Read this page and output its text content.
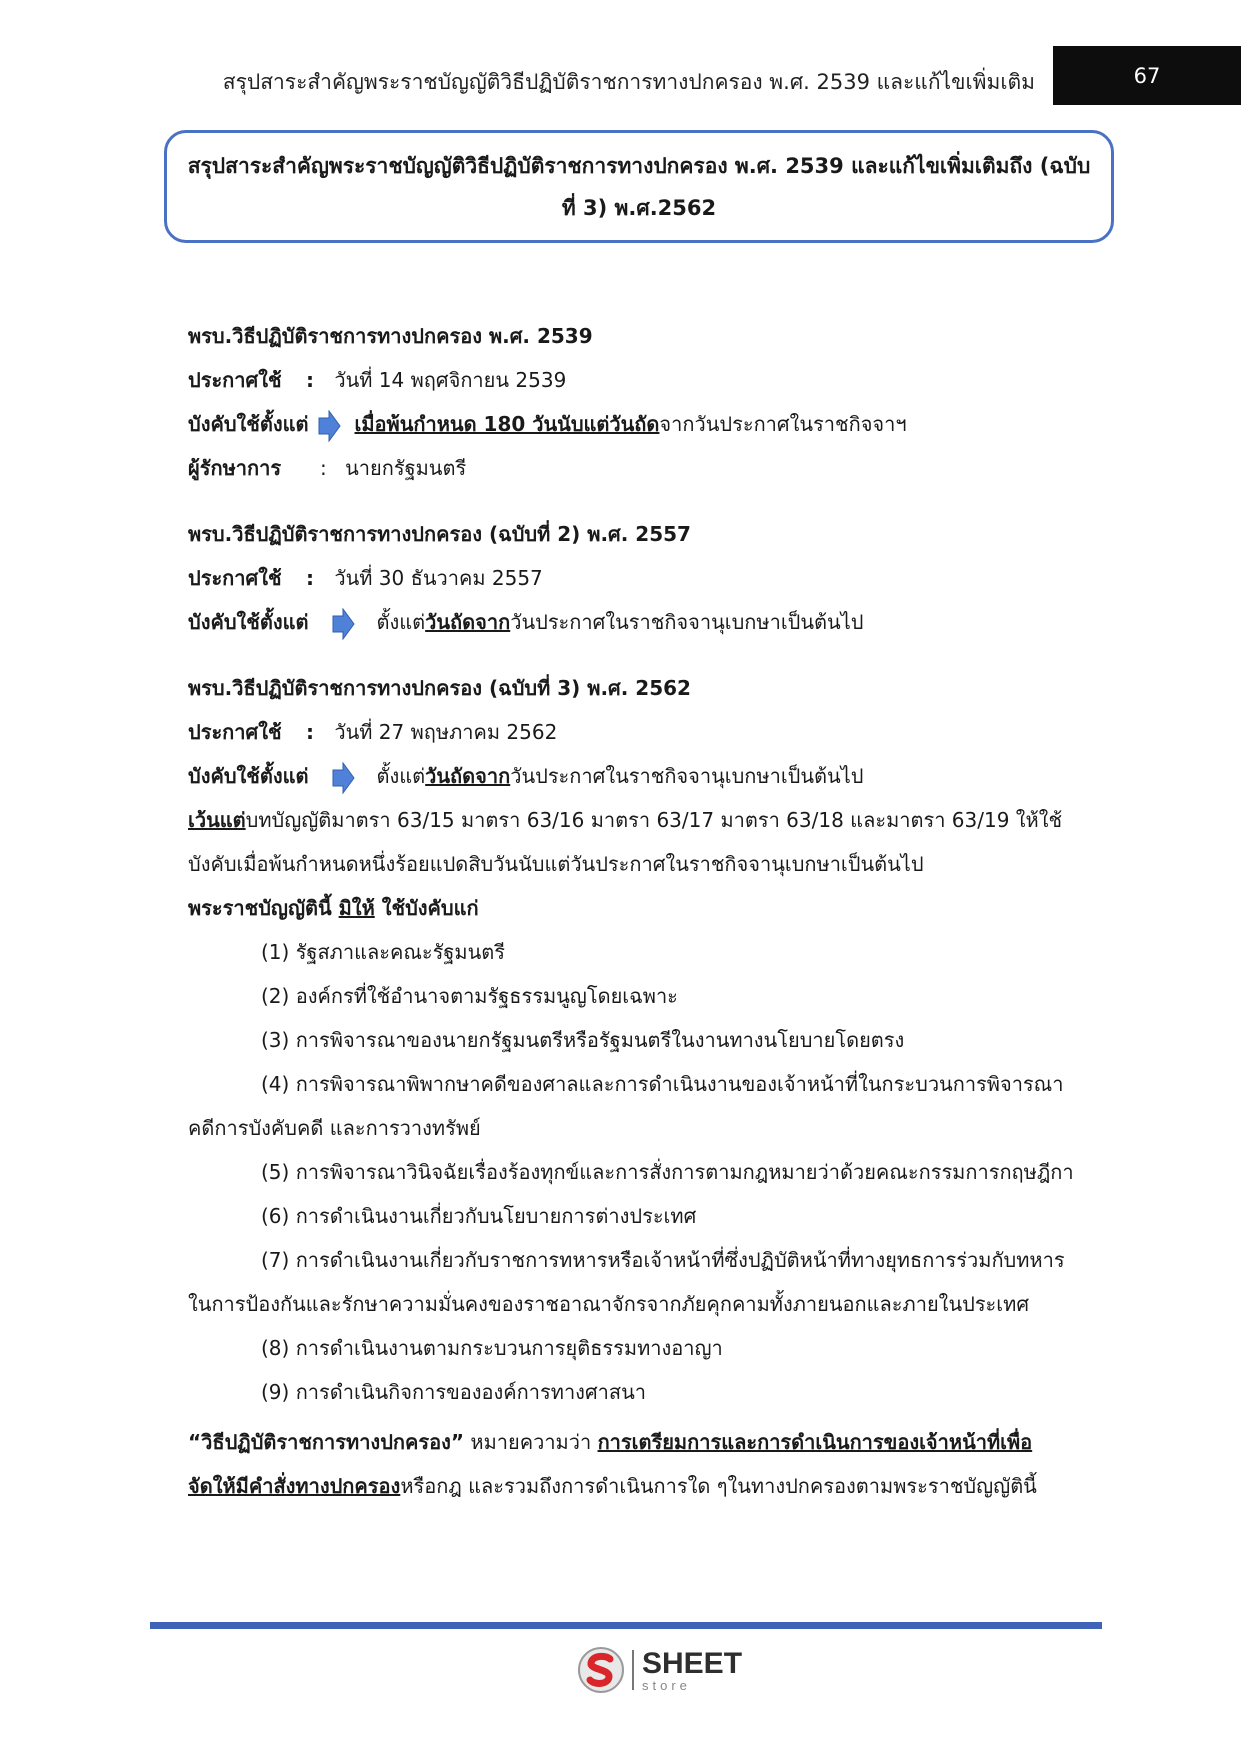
สรุปสาระสำคัญพระราชบัญญัติวิธีปฏิบัติราชการทางปกครอง พ.ศ. 2539 และแก้ไขเพิ่มเติม	67
สรุปสาระสำคัญพระราชบัญญัติวิธีปฏิบัติราชการทางปกครอง พ.ศ. 2539 และแก้ไขเพิ่มเติมถึง (ฉบับ
ที่ 3) พ.ศ.2562
พรบ.วิธีปฏิบัติราชการทางปกครอง พ.ศ. 2539
ประกาศใช้ : วันที่ 14 พฤศจิกายน 2539
บังคับใช้ตั้งแต่ เมื่อพ้นกำหนด 180 วันนับแต่วันถัดจากวันประกาศในราชกิจจาฯ
ผู้รักษาการ : นายกรัฐมนตรี
พรบ.วิธีปฏิบัติราชการทางปกครอง (ฉบับที่ 2) พ.ศ. 2557
ประกาศใช้ : วันที่ 30 ธันวาคม 2557
บังคับใช้ตั้งแต่	ตั้งแต่วันถัดจากวันประกาศในราชกิจจานุเบกษาเป็นต้นไป
พรบ.วิธีปฏิบัติราชการทางปกครอง (ฉบับที่ 3) พ.ศ. 2562
ประกาศใช้ : วันที่ 27 พฤษภาคม 2562
บังคับใช้ตั้งแต่	ตั้งแต่วันถัดจากวันประกาศในราชกิจจานุเบกษาเป็นต้นไป
เว้นแต่บทบัญญัติมาตรา 63/15 มาตรา 63/16 มาตรา 63/17 มาตรา 63/18 และมาตรา 63/19 ให้ใช้
บังคับเมื่อพ้นกำหนดหนึ่งร้อยแปดสิบวันนับแต่วันประกาศในราชกิจจานุเบกษาเป็นต้นไป
พระราชบัญญัตินี้ มิให้ ใช้บังคับแก่
(1) รัฐสภาและคณะรัฐมนตรี
(2) องค์กรที่ใช้อำนาจตามรัฐธรรมนูญโดยเฉพาะ
(3) การพิจารณาของนายกรัฐมนตรีหรือรัฐมนตรีในงานทางนโยบายโดยตรง
(4) การพิจารณาพิพากษาคดีของศาลและการดำเนินงานของเจ้าหน้าที่ในกระบวนการพิจารณา
คดีการบังคับคดี และการวางทรัพย์
(5) การพิจารณาวินิจฉัยเรื่องร้องทุกข์และการสั่งการตามกฎหมายว่าด้วยคณะกรรมการกฤษฎีกา
(6) การดำเนินงานเกี่ยวกับนโยบายการต่างประเทศ
(7) การดำเนินงานเกี่ยวกับราชการทหารหรือเจ้าหน้าที่ซึ่งปฏิบัติหน้าที่ทางยุทธการร่วมกับทหาร
ในการป้องกันและรักษาความมั่นคงของราชอาณาจักรจากภัยคุกคามทั้งภายนอกและภายในประเทศ
(8) การดำเนินงานตามกระบวนการยุติธรรมทางอาญา
(9) การดำเนินกิจการขององค์การทางศาสนา
“วิธีปฏิบัติราชการทางปกครอง” หมายความว่า การเตรียมการและการดำเนินการของเจ้าหน้าที่เพื่อ
จัดให้มีคำสั่งทางปกครองหรือกฎ และรวมถึงการดำเนินการใด ๆในทางปกครองตามพระราชบัญญัตินี้
SHEET
store
